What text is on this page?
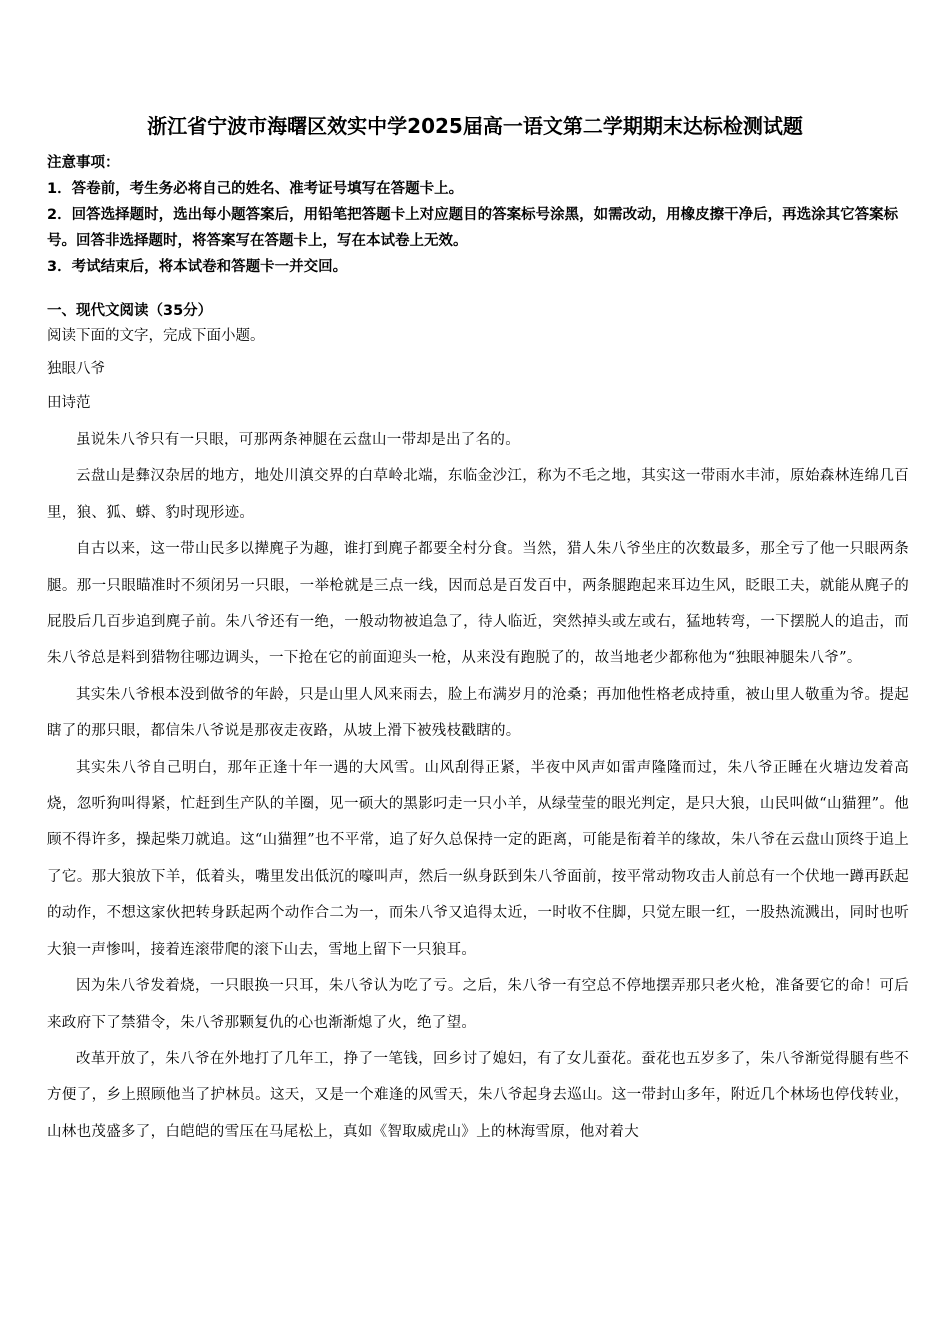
浙江省宁波市海曙区效实中学2025届高一语文第二学期期末达标检测试题

注意事项：

1．答卷前，考生务必将自己的姓名、准考证号填写在答题卡上。

2．回答选择题时，选出每小题答案后，用铅笔把答题卡上对应题目的答案标号涂黑，如需改动，用橡皮擦干净后，再选涂其它答案标号。回答非选择题时，将答案写在答题卡上，写在本试卷上无效。

3．考试结束后，将本试卷和答题卡一并交回。

一、现代文阅读（35分）

阅读下面的文字，完成下面小题。

独眼八爷

田诗范

虽说朱八爷只有一只眼，可那两条神腿在云盘山一带却是出了名的。

云盘山是彝汉杂居的地方，地处川滇交界的白草岭北端，东临金沙江，称为不毛之地，其实这一带雨水丰沛，原始森林连绵几百里，狼、狐、蟒、豹时现形迹。

自古以来，这一带山民多以撵麂子为趣，谁打到麂子都要全村分食。当然，猎人朱八爷坐庄的次数最多，那全亏了他一只眼两条腿。那一只眼瞄准时不须闭另一只眼，一举枪就是三点一线，因而总是百发百中，两条腿跑起来耳边生风，眨眼工夫，就能从麂子的屁股后几百步追到麂子前。朱八爷还有一绝，一般动物被追急了，待人临近，突然掉头或左或右，猛地转弯，一下摆脱人的追击，而朱八爷总是料到猎物往哪边调头，一下抢在它的前面迎头一枪，从来没有跑脱了的，故当地老少都称他为“独眼神腿朱八爷”。

其实朱八爷根本没到做爷的年龄，只是山里人风来雨去，脸上布满岁月的沧桑；再加他性格老成持重，被山里人敬重为爷。提起瞎了的那只眼，都信朱八爷说是那夜走夜路，从坡上滑下被残枝戳瞎的。

其实朱八爷自己明白，那年正逢十年一遇的大风雪。山风刮得正紧，半夜中风声如雷声隆隆而过，朱八爷正睡在火塘边发着高烧，忽听狗叫得紧，忙赶到生产队的羊圈，见一硕大的黑影叼走一只小羊，从绿莹莹的眼光判定，是只大狼，山民叫做“山猫狸”。他顾不得许多，操起柴刀就追。这“山猫狸”也不平常，追了好久总保持一定的距离，可能是衔着羊的缘故，朱八爷在云盘山顶终于追上了它。那大狼放下羊，低着头，嘴里发出低沉的嚎叫声，然后一纵身跃到朱八爷面前，按平常动物攻击人前总有一个伏地一蹲再跃起的动作，不想这家伙把转身跃起两个动作合二为一，而朱八爷又追得太近，一时收不住脚，只觉左眼一红，一股热流溅出，同时也听大狼一声惨叫，接着连滚带爬的滚下山去，雪地上留下一只狼耳。

因为朱八爷发着烧，一只眼换一只耳，朱八爷认为吃了亏。之后，朱八爷一有空总不停地摆弄那只老火枪，准备要它的命！可后来政府下了禁猎令，朱八爷那颗复仇的心也渐渐熄了火，绝了望。

改革开放了，朱八爷在外地打了几年工，挣了一笔钱，回乡讨了媳妇，有了女儿蚕花。蚕花也五岁多了，朱八爷渐觉得腿有些不方便了，乡上照顾他当了护林员。这天，又是一个难逢的风雪天，朱八爷起身去巡山。这一带封山多年，附近几个林场也停伐转业，山林也茂盛多了，白皑皑的雪压在马尾松上，真如《智取威虎山》上的林海雪原，他对着大
